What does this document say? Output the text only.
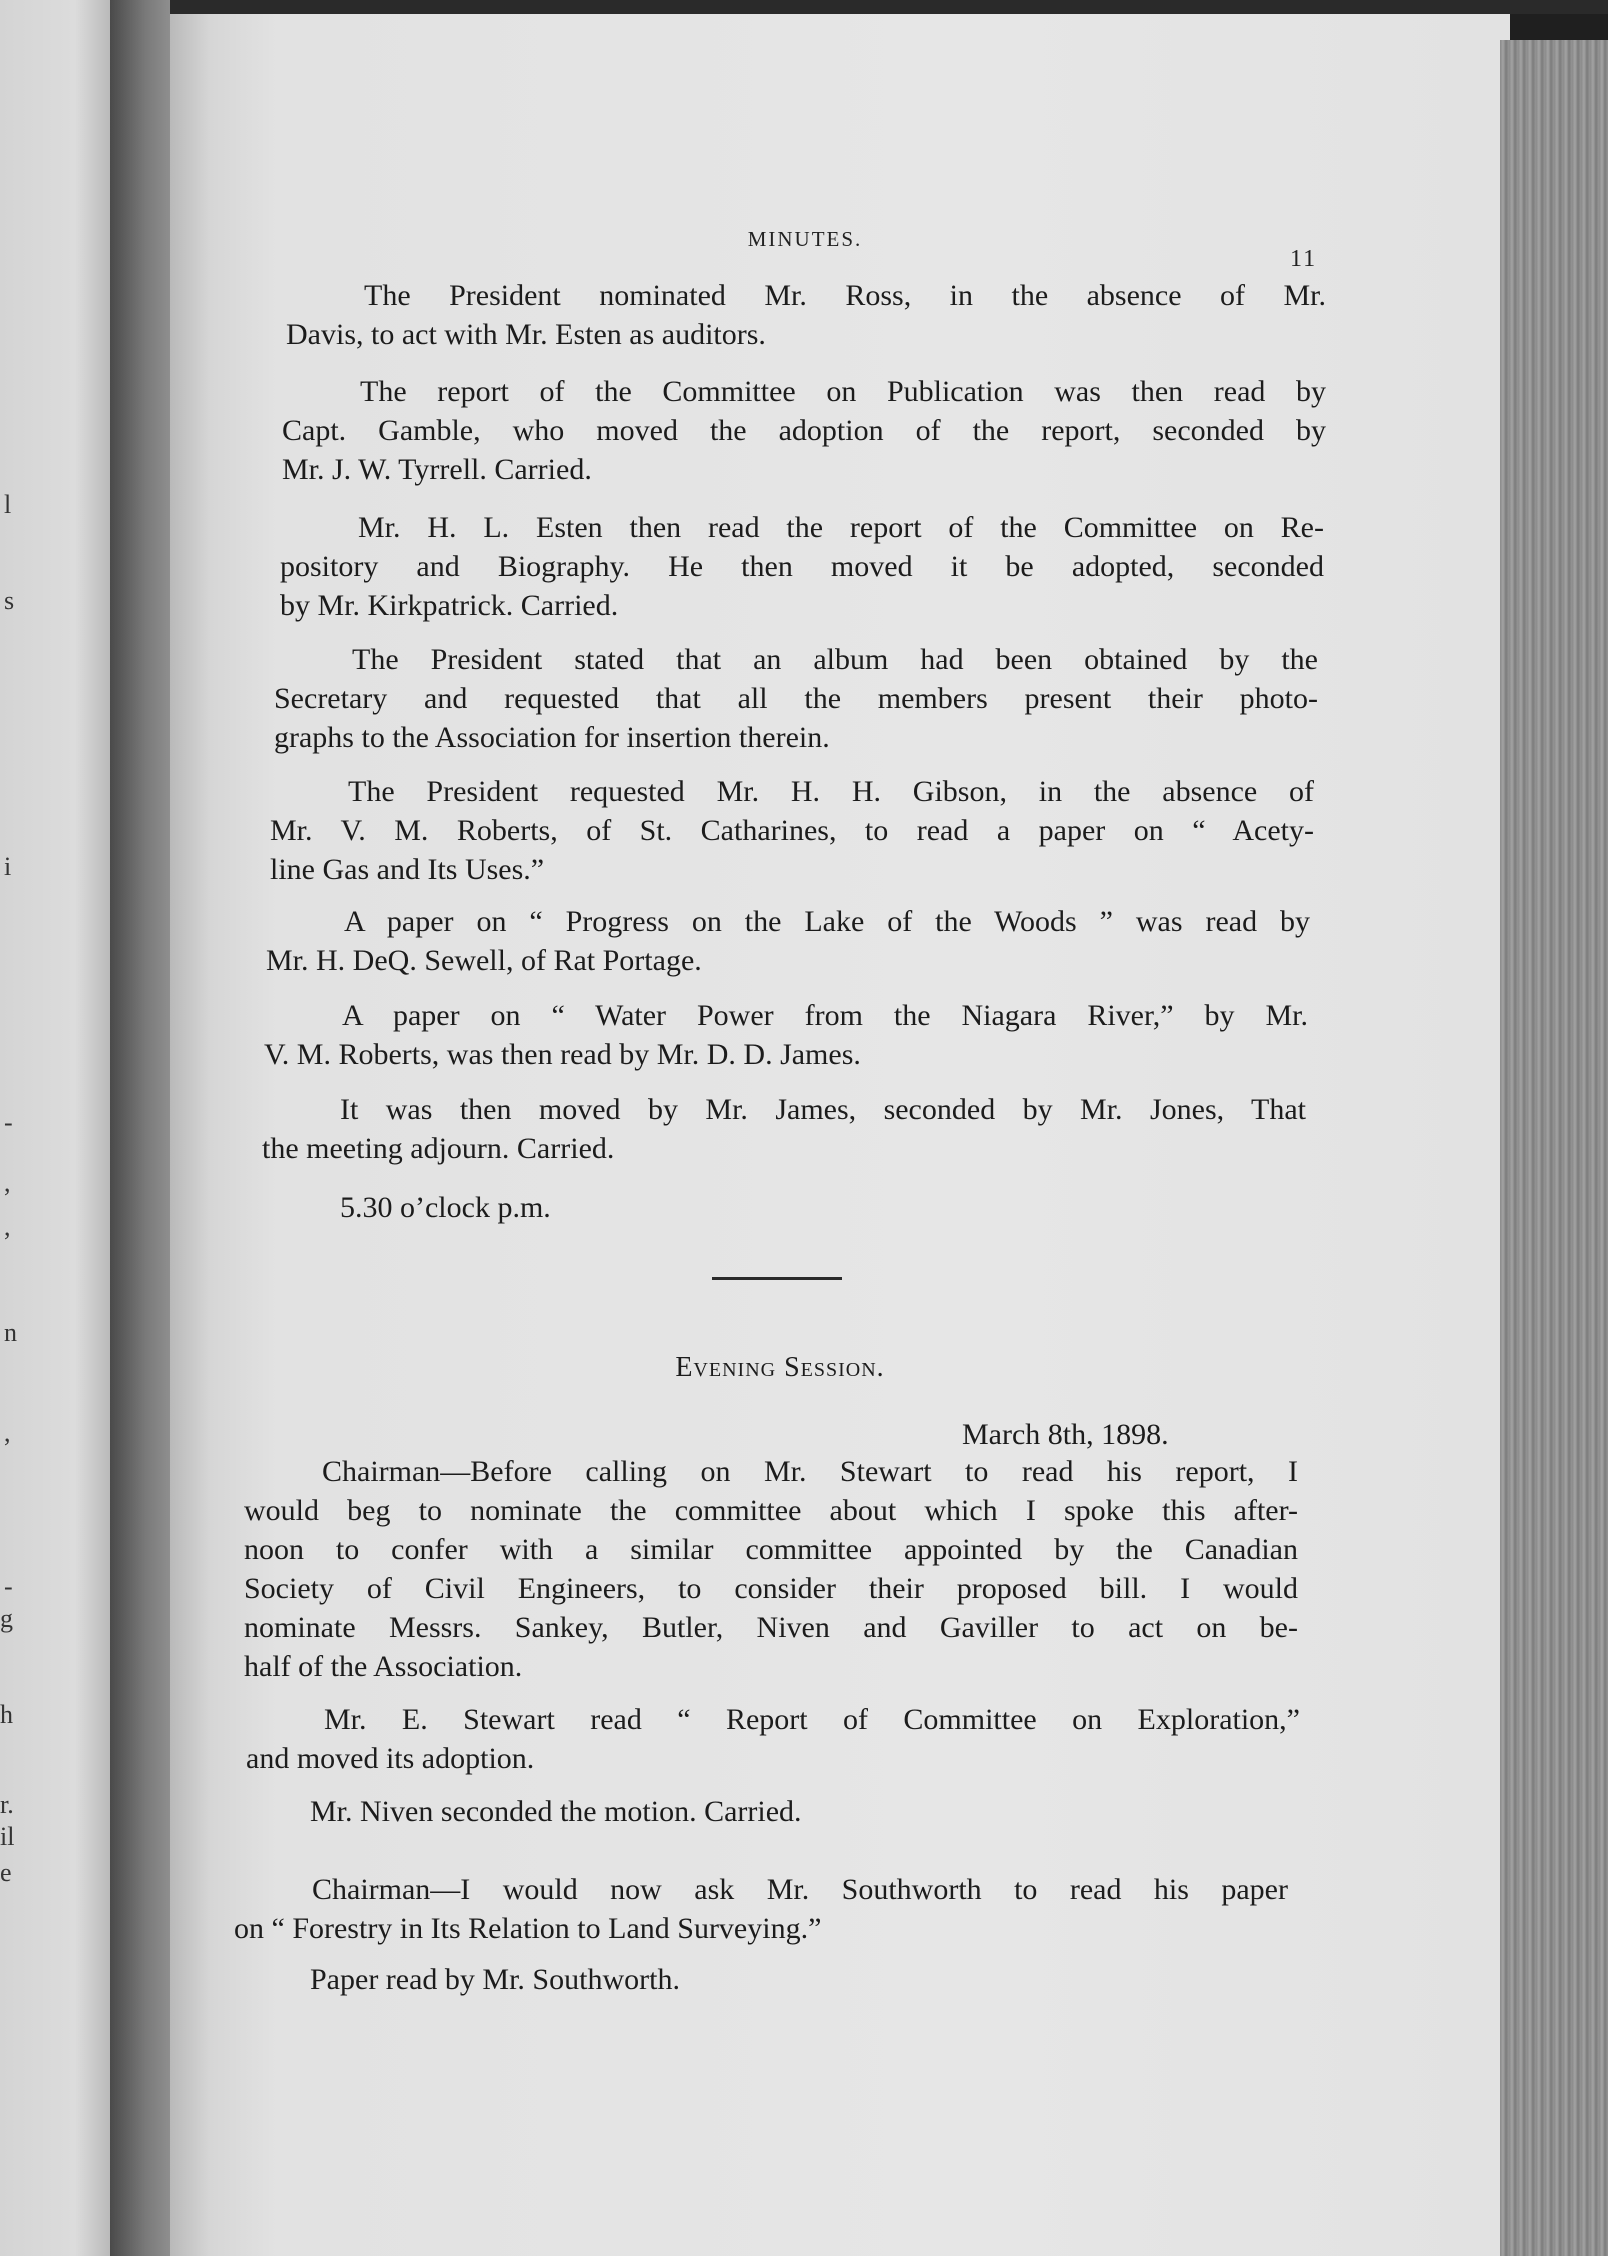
l
s
i
-
,
,
n
,
-
g
h
r.
il
e
MINUTES.
11
The President nominated Mr. Ross, in the absence of Mr.
Davis, to act with Mr. Esten as auditors.
The report of the Committee on Publication was then read by
Capt. Gamble, who moved the adoption of the report, seconded by
Mr. J. W. Tyrrell. Carried.
Mr. H. L. Esten then read the report of the Committee on Re-
pository and Biography. He then moved it be adopted, seconded
by Mr. Kirkpatrick. Carried.
The President stated that an album had been obtained by the
Secretary and requested that all the members present their photo-
graphs to the Association for insertion therein.
The President requested Mr. H. H. Gibson, in the absence of
Mr. V. M. Roberts, of St. Catharines, to read a paper on “ Acety-
line Gas and Its Uses.”
A paper on “ Progress on the Lake of the Woods ” was read by
Mr. H. DeQ. Sewell, of Rat Portage.
A paper on “ Water Power from the Niagara River,” by Mr.
V. M. Roberts, was then read by Mr. D. D. James.
It was then moved by Mr. James, seconded by Mr. Jones, That
the meeting adjourn. Carried.
5.30 o’clock p.m.
Evening Session.
March 8th, 1898.
Chairman—Before calling on Mr. Stewart to read his report, I
would beg to nominate the committee about which I spoke this after-
noon to confer with a similar committee appointed by the Canadian
Society of Civil Engineers, to consider their proposed bill. I would
nominate Messrs. Sankey, Butler, Niven and Gaviller to act on be-
half of the Association.
Mr. E. Stewart read “ Report of Committee on Exploration,”
and moved its adoption.
Mr. Niven seconded the motion. Carried.
Chairman—I would now ask Mr. Southworth to read his paper
on “ Forestry in Its Relation to Land Surveying.”
Paper read by Mr. Southworth.
